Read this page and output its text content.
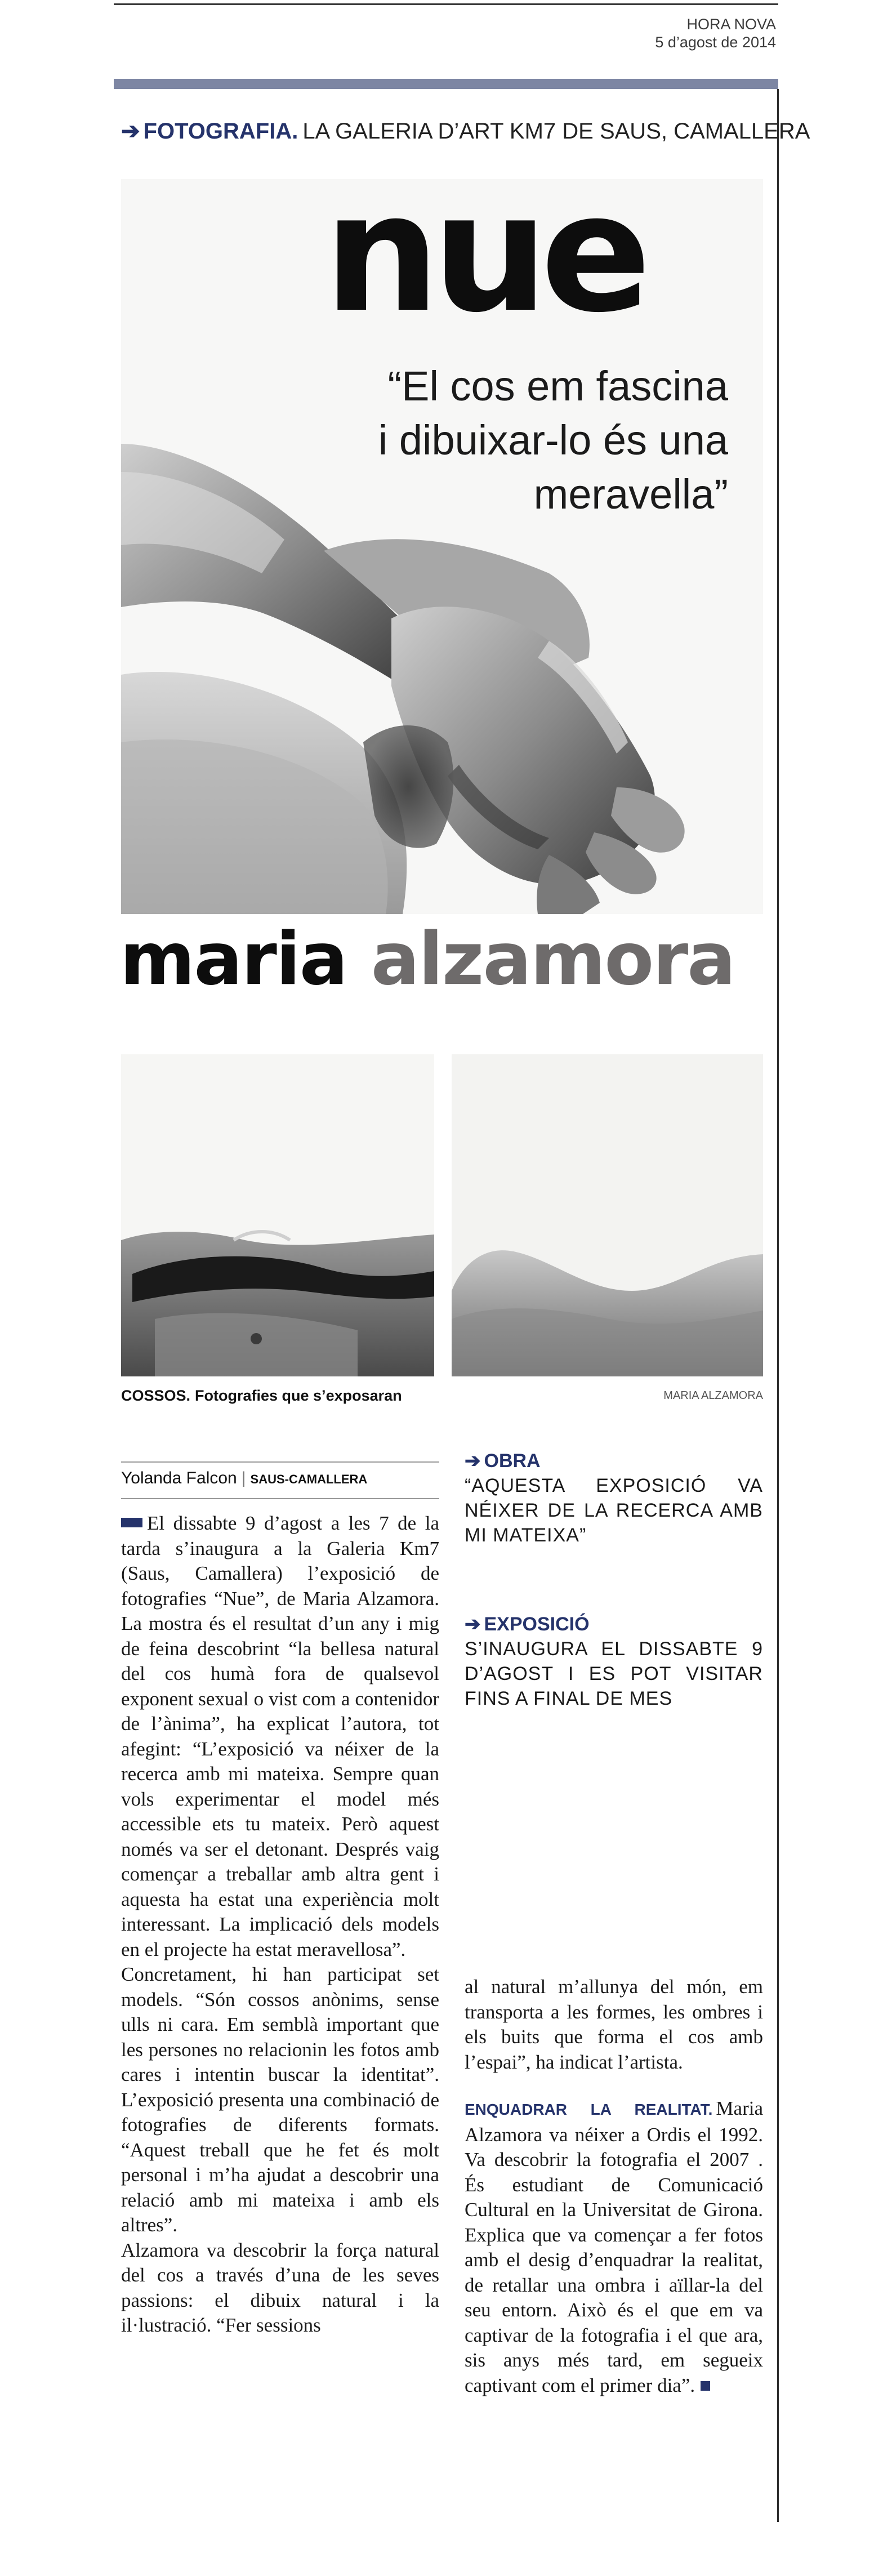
HORA NOVA
5 d’agost de 2014
➔ FOTOGRAFIA. LA GALERIA D’ART KM7 DE SAUS, CAMALLERA
nue
“El cos em fascina
i dibuixar-lo és una
meravella”
maria alzamora
COSSOS. Fotografies que s’exposaran	MARIA ALZAMORA
Yolanda Falcon | SAUS-CAMALLERA

El dissabte 9 d’agost a les 7 de la tarda s’inaugura a la Galeria Km7 (Saus, Camallera) l’exposició de fotografies “Nue”, de Maria Alzamora. La mostra és el resultat d’un any i mig de feina descobrint “la bellesa natural del cos humà fora de qualsevol exponent sexual o vist com a contenidor de l’ànima”, ha explicat l’autora, tot afegint: “L’exposició va néixer de la recerca amb mi mateixa. Sempre quan vols experimentar el model més accessible ets tu mateix. Però aquest només va ser el detonant. Després vaig començar a treballar amb altra gent i aquesta ha estat una experiència molt interessant. La implicació dels models en el projecte ha estat meravellosa”.

Concretament, hi han participat set models. “Són cossos anònims, sense ulls ni cara. Em semblà important que les persones no relacionin les fotos amb cares i intentin buscar la identitat”. L’exposició presenta una combinació de fotografies de diferents formats. “Aquest treball que he fet és molt personal i m’ha ajudat a descobrir una relació amb mi mateixa i amb els altres”.

Alzamora va descobrir la força natural del cos a través d’una de les seves passions: el dibuix natural i la il·lustració. “Fer sessions

➔ OBRA
“AQUESTA EXPOSICIÓ VA NÉIXER DE LA RECERCA AMB MI MATEIXA”
➔ EXPOSICIÓ
S’INAUGURA EL DISSABTE 9 D’AGOST I ES POT VISITAR FINS A FINAL DE MES

al natural m’allunya del món, em transporta a les formes, les ombres i els buits que forma el cos amb l’espai”, ha indicat l’artista.

ENQUADRAR LA REALITAT. Maria Alzamora va néixer a Ordis el 1992. Va descobrir la fotografia el 2007 . És estudiant de Comunicació Cultural en la Universitat de Girona. Explica que va començar a fer fotos amb el desig d’enquadrar la realitat, de retallar una ombra i aïllar-la del seu entorn. Això és el que em va captivar de la fotografia i el que ara, sis anys més tard, em segueix captivant com el primer dia”.
